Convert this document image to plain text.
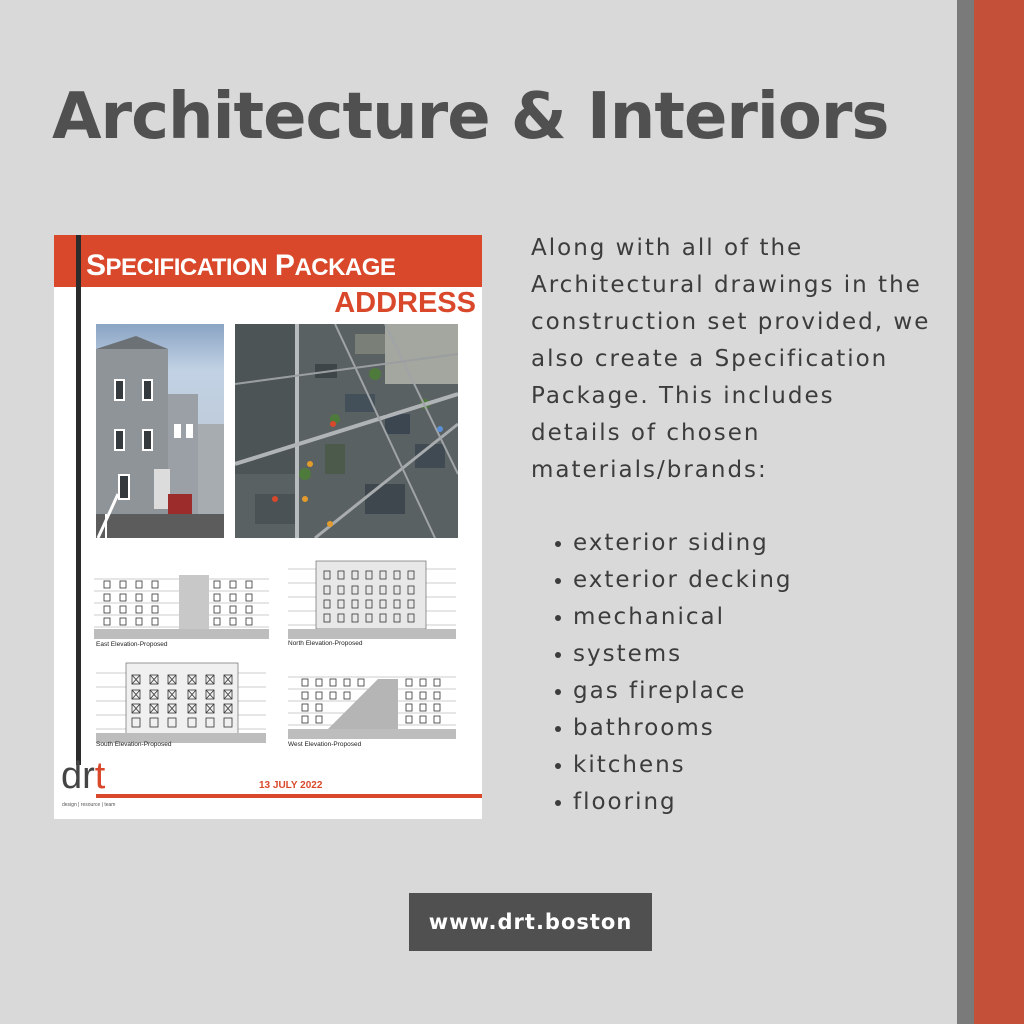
Architecture & Interiors
SPECIFICATION PACKAGE
ADDRESS
East Elevation-Proposed	North Elevation-Proposed
South Elevation-Proposed	West Elevation-Proposed
13 JULY 2022
drt
design | resource | team

Along with all of the Architectural drawings in the construction set provided, we also create a Specification Package. This includes details of chosen materials/brands:

exterior siding
exterior decking
mechanical
systems
gas fireplace
bathrooms
kitchens
flooring
www.drt.boston
